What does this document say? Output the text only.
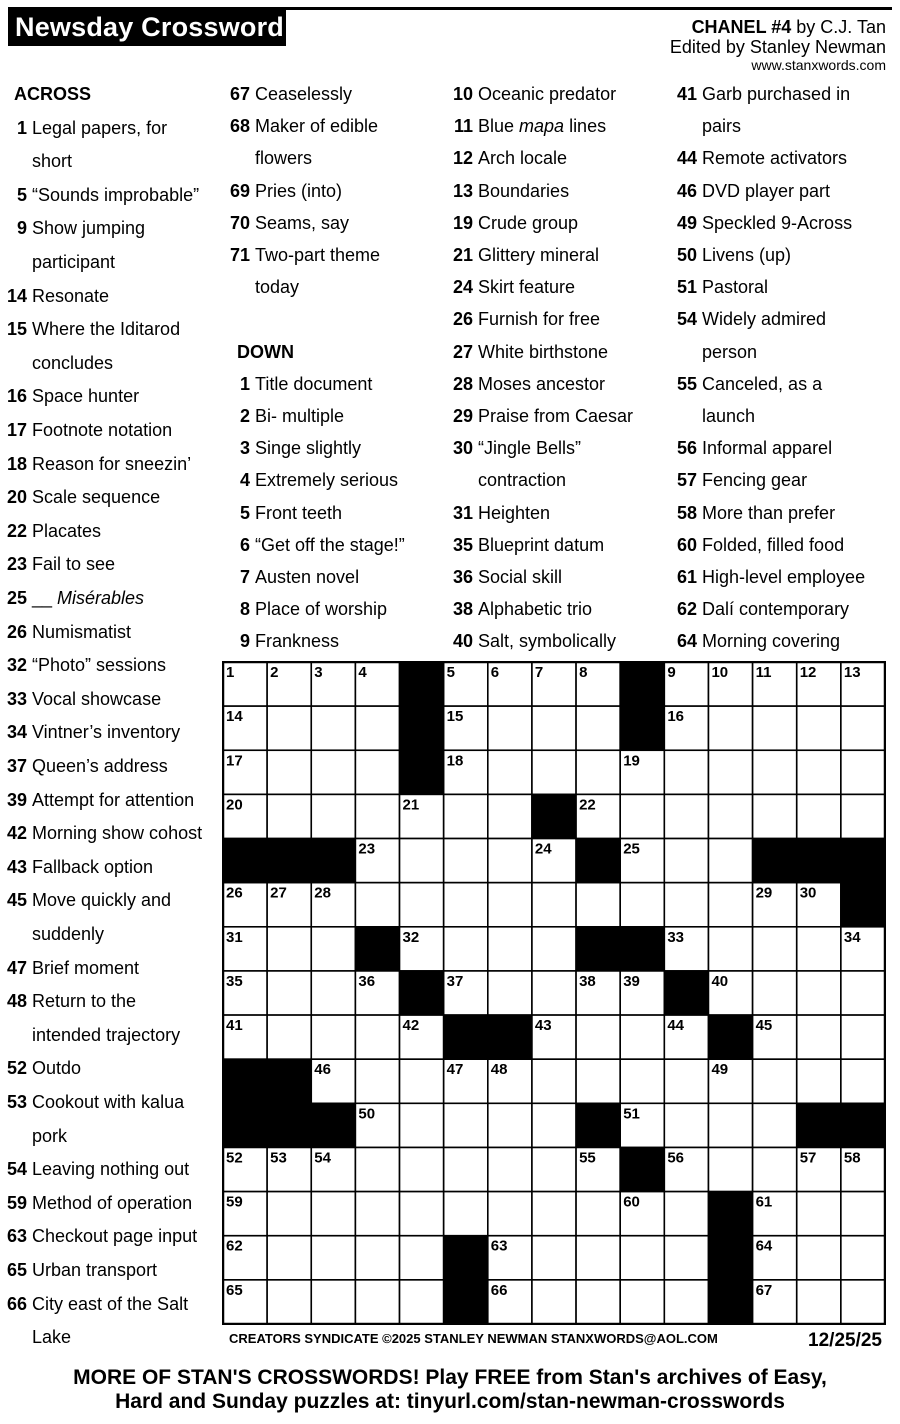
Newsday Crossword	CHANEL #4 by C.J. Tan
Edited by Stanley Newman
www.stanxwords.com
ACROSS
1 Legal papers, for
short
5 “Sounds improbable”
9 Show jumping
participant
14 Resonate
15 Where the Iditarod
concludes
16 Space hunter
17 Footnote notation
18 Reason for sneezin’
20 Scale sequence
22 Placates
23 Fail to see
25 __ Misérables
26 Numismatist
32 “Photo” sessions
33 Vocal showcase
34 Vintner’s inventory
37 Queen’s address
39 Attempt for attention
42 Morning show cohost
43 Fallback option
45 Move quickly and
suddenly
47 Brief moment
48 Return to the
intended trajectory
52 Outdo
53 Cookout with kalua
pork
54 Leaving nothing out
59 Method of operation
63 Checkout page input
65 Urban transport
66 City east of the Salt
Lake
67 Ceaselessly
68 Maker of edible
flowers
69 Pries (into)
70 Seams, say
71 Two-part theme
today
DOWN
1 Title document
2 Bi- multiple
3 Singe slightly
4 Extremely serious
5 Front teeth
6 “Get off the stage!”
7 Austen novel
8 Place of worship
9 Frankness
10 Oceanic predator
11 Blue mapa lines
12 Arch locale
13 Boundaries
19 Crude group
21 Glittery mineral
24 Skirt feature
26 Furnish for free
27 White birthstone
28 Moses ancestor
29 Praise from Caesar
30 “Jingle Bells”
contraction
31 Heighten
35 Blueprint datum
36 Social skill
38 Alphabetic trio
40 Salt, symbolically
41 Garb purchased in
pairs
44 Remote activators
46 DVD player part
49 Speckled 9-Across
50 Livens (up)
51 Pastoral
54 Widely admired
person
55 Canceled, as a
launch
56 Informal apparel
57 Fencing gear
58 More than prefer
60 Folded, filled food
61 High-level employee
62 Dalí contemporary
64 Morning covering
1 2 3 4	5 6 7 8	9 10 11 12 13
14	15	16
17	18	19
20	21	22
23	24	25
26 27 28	29 30
31	32	33	34
35	36	37	38 39	40
41	42	43	44	45
46	47 48	49
50	51
52 53 54	55	56	57 58
59	60	61
62	63	64
65	66	67
CREATORS SYNDICATE ©2025 STANLEY NEWMAN STANXWORDS@AOL.COM	12/25/25
MORE OF STAN'S CROSSWORDS! Play FREE from Stan's archives of Easy,
Hard and Sunday puzzles at: tinyurl.com/stan-newman-crosswords
